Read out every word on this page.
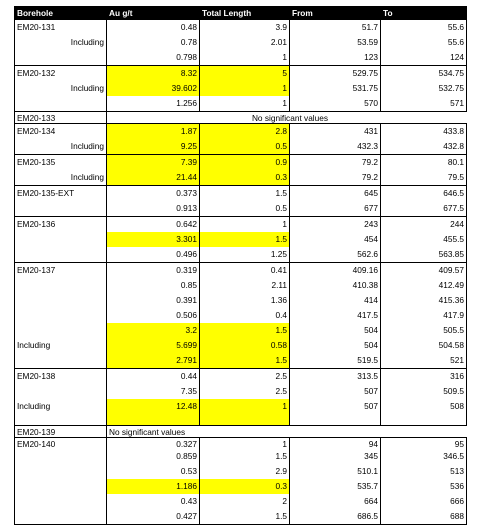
Borehole	Au g/t	Total Length	From	To
EM20-131	0.48	3.9	51.7	55.6
Including	0.78	2.01	53.59	55.6
	0.798	1	123	124
EM20-132	8.32	5	529.75	534.75
Including	39.602	1	531.75	532.75
	1.256	1	570	571
EM20-133		No significant values		
EM20-134	1.87	2.8	431	433.8
Including	9.25	0.5	432.3	432.8
EM20-135	7.39	0.9	79.2	80.1
Including	21.44	0.3	79.2	79.5
EM20-135-EXT	0.373	1.5	645	646.5
	0.913	0.5	677	677.5
EM20-136	0.642	1	243	244
	3.301	1.5	454	455.5
	0.496	1.25	562.6	563.85
EM20-137	0.319	0.41	409.16	409.57
	0.85	2.11	410.38	412.49
	0.391	1.36	414	415.36
	0.506	0.4	417.5	417.9
	3.2	1.5	504	505.5
Including	5.699	0.58	504	504.58
	2.791	1.5	519.5	521
EM20-138	0.44	2.5	313.5	316
	7.35	2.5	507	509.5
Including	12.48	1	507	508

EM20-139	No significant values			
EM20-140	0.327	1	94	95
	0.859	1.5	345	346.5
	0.53	2.9	510.1	513
	1.186	0.3	535.7	536
	0.43	2	664	666
	0.427	1.5	686.5	688
